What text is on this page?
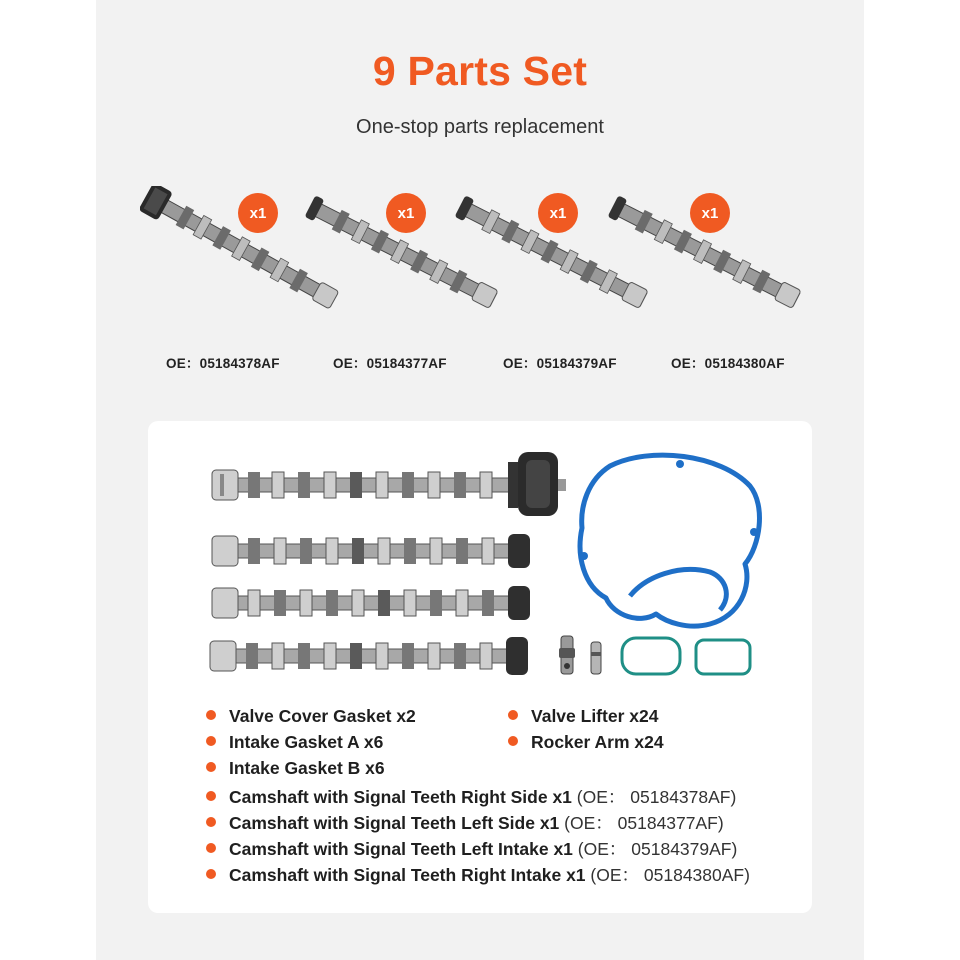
9 Parts Set
One-stop parts replacement
x1	x1	x1	x1
OE：05184378AF	OE：05184377AF	OE：05184379AF	OE：05184380AF
Valve Cover Gasket x2
Intake Gasket A x6
Intake Gasket B x6
Camshaft with Signal Teeth Right Side x1 (OE： 05184378AF)
Camshaft with Signal Teeth Left Side x1 (OE： 05184377AF)
Camshaft with Signal Teeth Left Intake x1 (OE： 05184379AF)
Camshaft with Signal Teeth Right Intake x1 (OE： 05184380AF)
Valve Lifter x24
Rocker Arm x24
